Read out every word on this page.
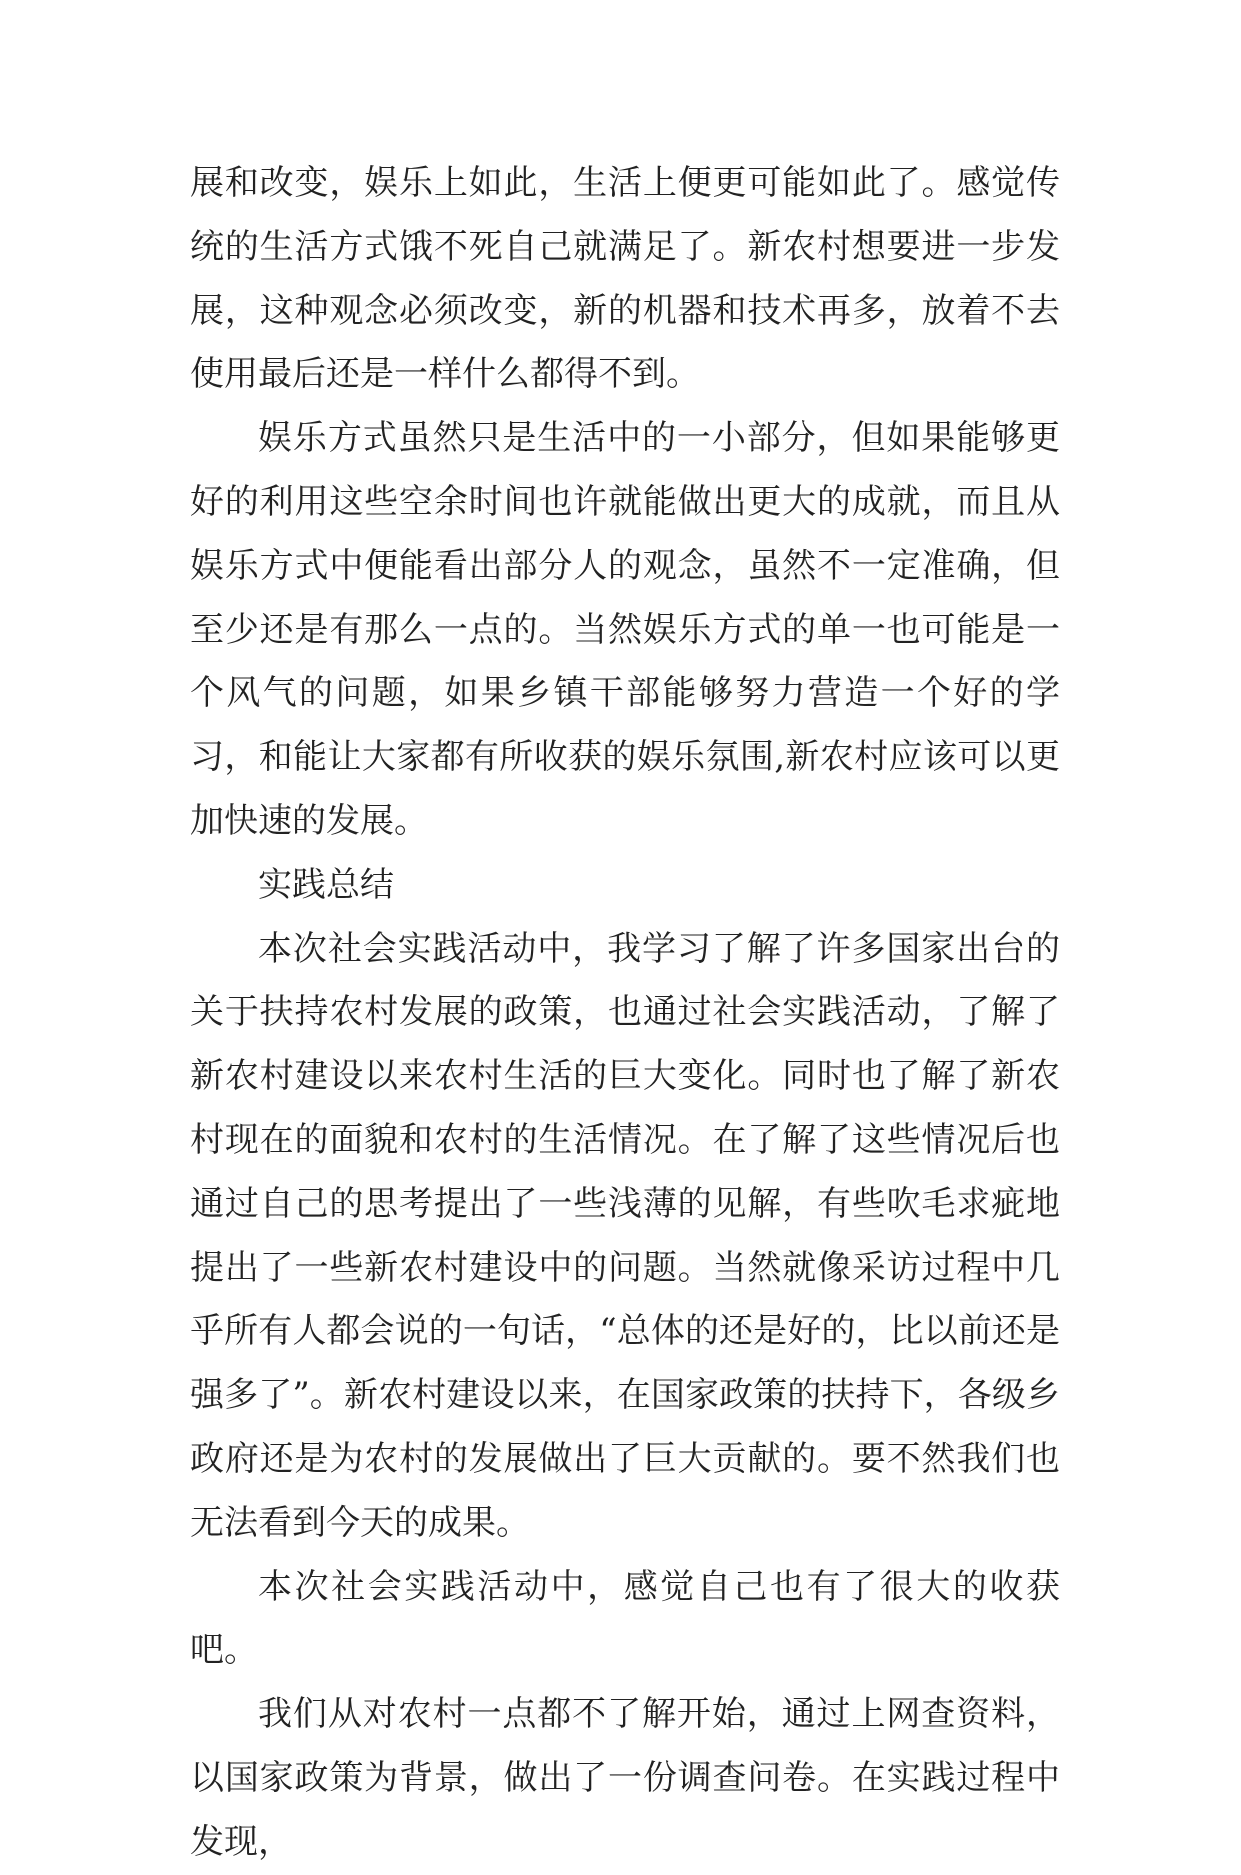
展和改变，娱乐上如此，生活上便更可能如此了。感觉传统的生活方式饿不死自己就满足了。新农村想要进一步发展，这种观念必须改变，新的机器和技术再多，放着不去使用最后还是一样什么都得不到。

娱乐方式虽然只是生活中的一小部分，但如果能够更好的利用这些空余时间也许就能做出更大的成就，而且从娱乐方式中便能看出部分人的观念，虽然不一定准确，但至少还是有那么一点的。当然娱乐方式的单一也可能是一个风气的问题，如果乡镇干部能够努力营造一个好的学习，和能让大家都有所收获的娱乐氛围,新农村应该可以更加快速的发展。

实践总结

本次社会实践活动中，我学习了解了许多国家出台的关于扶持农村发展的政策，也通过社会实践活动，了解了新农村建设以来农村生活的巨大变化。同时也了解了新农村现在的面貌和农村的生活情况。在了解了这些情况后也通过自己的思考提出了一些浅薄的见解，有些吹毛求疵地提出了一些新农村建设中的问题。当然就像采访过程中几乎所有人都会说的一句话，“总体的还是好的，比以前还是强多了”。新农村建设以来，在国家政策的扶持下，各级乡政府还是为农村的发展做出了巨大贡献的。要不然我们也无法看到今天的成果。

本次社会实践活动中，感觉自己也有了很大的收获吧。

我们从对农村一点都不了解开始，通过上网查资料，以国家政策为背景，做出了一份调查问卷。在实践过程中发现，
